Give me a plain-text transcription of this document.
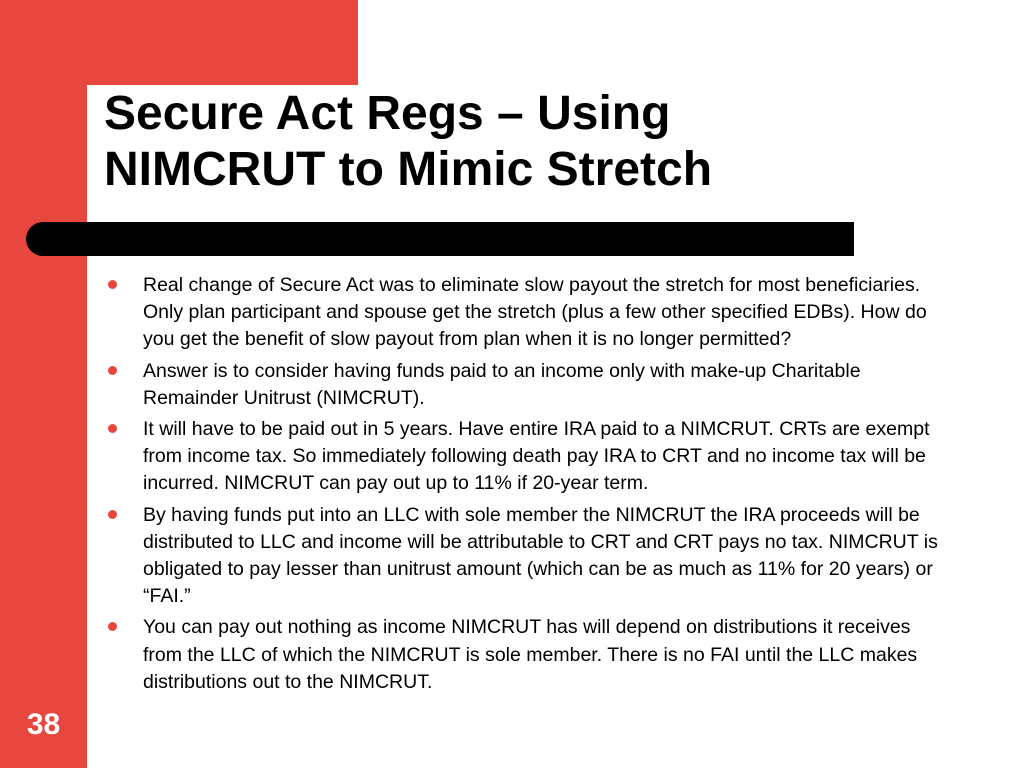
Secure Act Regs – Using
NIMCRUT to Mimic Stretch
Real change of Secure Act was to eliminate slow payout the stretch for most beneficiaries. Only plan participant and spouse get the stretch (plus a few other specified EDBs). How do you get the benefit of slow payout from plan when it is no longer permitted?
Answer is to consider having funds paid to an income only with make-up Charitable Remainder Unitrust (NIMCRUT).
It will have to be paid out in 5 years. Have entire IRA paid to a NIMCRUT. CRTs are exempt from income tax. So immediately following death pay IRA to CRT and no income tax will be incurred. NIMCRUT can pay out up to 11% if 20-year term.
By having funds put into an LLC with sole member the NIMCRUT the IRA proceeds will be distributed to LLC and income will be attributable to CRT and CRT pays no tax. NIMCRUT is obligated to pay lesser than unitrust amount (which can be as much as 11% for 20 years) or “FAI.”
You can pay out nothing as income NIMCRUT has will depend on distributions it receives from the LLC of which the NIMCRUT is sole member. There is no FAI until the LLC makes distributions out to the NIMCRUT.
38
